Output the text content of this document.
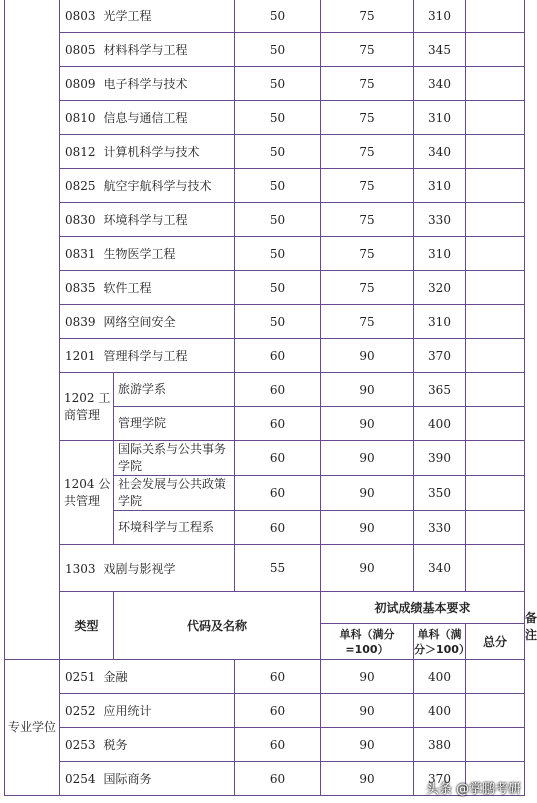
	0803 光学工程		50	75	310		
	0805 材料科学与工程		50	75	345		
	0809 电子科学与技术		50	75	340		
	0810 信息与通信工程		50	75	310		
	0812 计算机科学与技术		50	75	340		
	0825 航空宇航科学与技术		50	75	310		
	0830 环境科学与工程		50	75	330		
	0831 生物医学工程		50	75	310		
	0835 软件工程		50	75	320		
	0839 网络空间安全		50	75	310		
	1201 管理科学与工程		60	90	370		
	1202 工商管理	旅游学系	60	90	365		
		管理学院	60	90	400		
	1204 公共管理	国际关系与公共事务学院	60	90	390		
		社会发展与公共政策学院	60	90	350		
		环境科学与工程系	60	90	330		
	1303 戏剧与影视学		55	90	340		
	类型	代码及名称		初试成绩基本要求			备注
				单科（满分=100）	单科（满分＞100）	总分	
专业学位	0251 金融		60	90	400		
	0252 应用统计		60	90	400		
	0253 税务		60	90	380		
	0254 国际商务		60	90	370		
头条 @掌鹏考研
